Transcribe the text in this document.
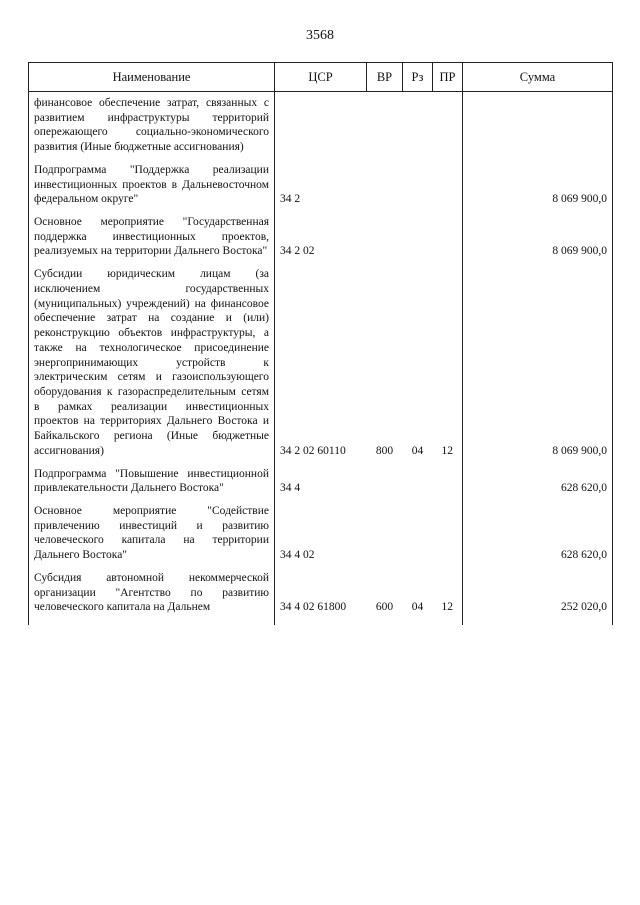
3568
Наименование	ЦСР	ВР	Рз	ПР	Сумма
финансовое обеспечение затрат, связанных с развитием инфраструктуры территорий опережающего социально-экономического развития (Иные бюджетные ассигнования)					
Подпрограмма "Поддержка реализации инвестиционных проектов в Дальневосточном федеральном округе"	34 2				8 069 900,0
Основное мероприятие "Государственная поддержка инвестиционных проектов, реализуемых на территории Дальнего Востока"	34 2 02				8 069 900,0
Субсидии юридическим лицам (за исключением государственных (муниципальных) учреждений) на финансовое обеспечение затрат на создание и (или) реконструкцию объектов инфраструктуры, а также на технологическое присоединение энергопринимающих устройств к электрическим сетям и газоиспользующего оборудования к газораспределительным сетям в рамках реализации инвестиционных проектов на территориях Дальнего Востока и Байкальского региона (Иные бюджетные ассигнования)	34 2 02 60110	800	04	12	8 069 900,0
Подпрограмма "Повышение инвестиционной привлекательности Дальнего Востока"	34 4				628 620,0
Основное мероприятие "Содействие привлечению инвестиций и развитию человеческого капитала на территории Дальнего Востока"	34 4 02				628 620,0
Субсидия автономной некоммерческой организации "Агентство по развитию человеческого капитала на Дальнем	34 4 02 61800	600	04	12	252 020,0
